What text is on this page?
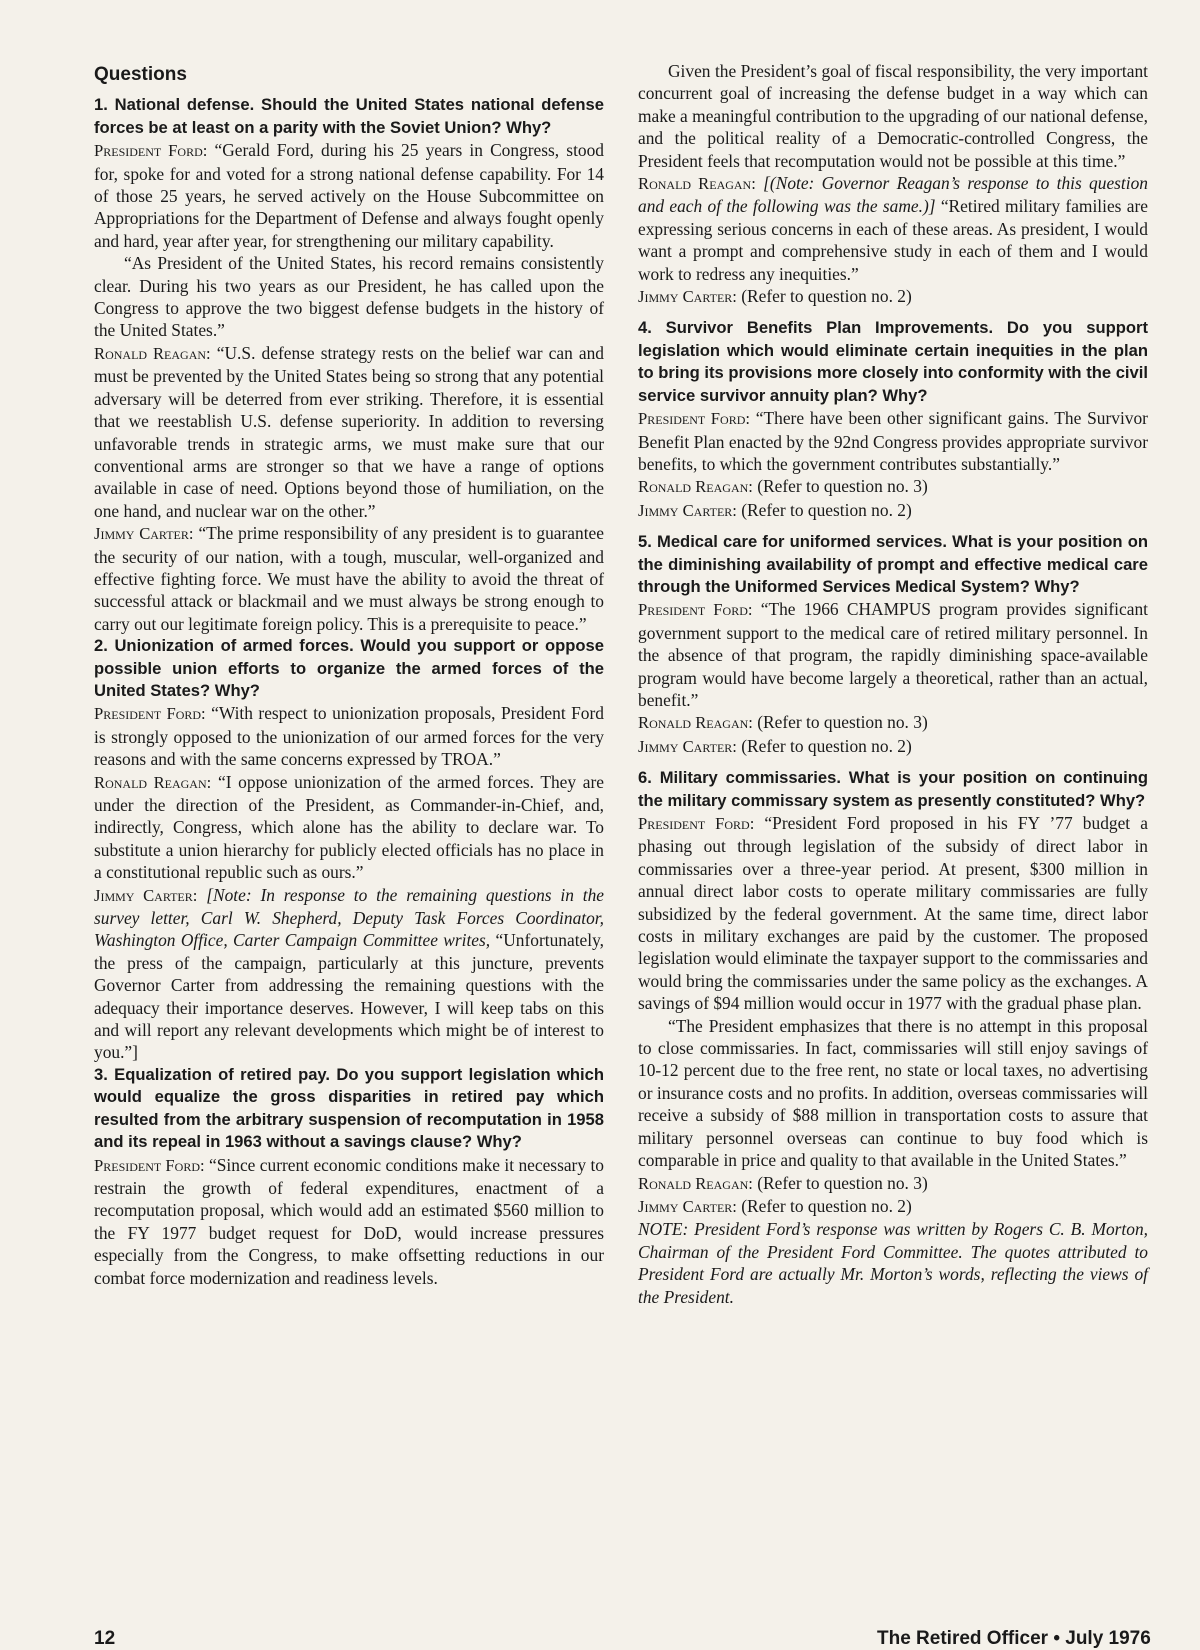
Questions

1. National defense. Should the United States national defense forces be at least on a parity with the Soviet Union? Why?

President Ford: “Gerald Ford, during his 25 years in Congress, stood for, spoke for and voted for a strong national defense capability. For 14 of those 25 years, he served actively on the House Subcommittee on Appropriations for the Department of Defense and always fought openly and hard, year after year, for strengthening our military capability.

“As President of the United States, his record remains consistently clear. During his two years as our President, he has called upon the Congress to approve the two biggest defense budgets in the history of the United States.”

Ronald Reagan: “U.S. defense strategy rests on the belief war can and must be prevented by the United States being so strong that any potential adversary will be deterred from ever striking. Therefore, it is essential that we reestablish U.S. defense superiority. In addition to reversing unfavorable trends in strategic arms, we must make sure that our conventional arms are stronger so that we have a range of options available in case of need. Options beyond those of humiliation, on the one hand, and nuclear war on the other.”

Jimmy Carter: “The prime responsibility of any president is to guarantee the security of our nation, with a tough, muscular, well-organized and effective fighting force. We must have the ability to avoid the threat of successful attack or blackmail and we must always be strong enough to carry out our legitimate foreign policy. This is a prerequisite to peace.”

2. Unionization of armed forces. Would you support or oppose possible union efforts to organize the armed forces of the United States? Why?

President Ford: “With respect to unionization proposals, President Ford is strongly opposed to the unionization of our armed forces for the very reasons and with the same concerns expressed by TROA.”

Ronald Reagan: “I oppose unionization of the armed forces. They are under the direction of the President, as Commander-in-Chief, and, indirectly, Congress, which alone has the ability to declare war. To substitute a union hierarchy for publicly elected officials has no place in a constitutional republic such as ours.”

Jimmy Carter: [Note: In response to the remaining questions in the survey letter, Carl W. Shepherd, Deputy Task Forces Coordinator, Washington Office, Carter Campaign Committee writes, “Unfortunately, the press of the campaign, particularly at this juncture, prevents Governor Carter from addressing the remaining questions with the adequacy their importance deserves. However, I will keep tabs on this and will report any relevant developments which might be of interest to you.”]

3. Equalization of retired pay. Do you support legislation which would equalize the gross disparities in retired pay which resulted from the arbitrary suspension of recomputation in 1958 and its repeal in 1963 without a savings clause? Why?

President Ford: “Since current economic conditions make it necessary to restrain the growth of federal expenditures, enactment of a recomputation proposal, which would add an estimated $560 million to the FY 1977 budget request for DoD, would increase pressures especially from the Congress, to make offsetting reductions in our combat force modernization and readiness levels.

Given the President’s goal of fiscal responsibility, the very important concurrent goal of increasing the defense budget in a way which can make a meaningful contribution to the upgrading of our national defense, and the political reality of a Democratic-controlled Congress, the President feels that recomputation would not be possible at this time.”

Ronald Reagan: [(Note: Governor Reagan’s response to this question and each of the following was the same.)] “Retired military families are expressing serious concerns in each of these areas. As president, I would want a prompt and comprehensive study in each of them and I would work to redress any inequities.”

Jimmy Carter: (Refer to question no. 2)

4. Survivor Benefits Plan Improvements. Do you support legislation which would eliminate certain inequities in the plan to bring its provisions more closely into conformity with the civil service survivor annuity plan? Why?

President Ford: “There have been other significant gains. The Survivor Benefit Plan enacted by the 92nd Congress provides appropriate survivor benefits, to which the government contributes substantially.”

Ronald Reagan: (Refer to question no. 3)

Jimmy Carter: (Refer to question no. 2)

5. Medical care for uniformed services. What is your position on the diminishing availability of prompt and effective medical care through the Uniformed Services Medical System? Why?

President Ford: “The 1966 CHAMPUS program provides significant government support to the medical care of retired military personnel. In the absence of that program, the rapidly diminishing space-available program would have become largely a theoretical, rather than an actual, benefit.”

Ronald Reagan: (Refer to question no. 3)

Jimmy Carter: (Refer to question no. 2)

6. Military commissaries. What is your position on continuing the military commissary system as presently constituted? Why?

President Ford: “President Ford proposed in his FY ’77 budget a phasing out through legislation of the subsidy of direct labor in commissaries over a three-year period. At present, $300 million in annual direct labor costs to operate military commissaries are fully subsidized by the federal government. At the same time, direct labor costs in military exchanges are paid by the customer. The proposed legislation would eliminate the taxpayer support to the commissaries and would bring the commissaries under the same policy as the exchanges. A savings of $94 million would occur in 1977 with the gradual phase plan.

“The President emphasizes that there is no attempt in this proposal to close commissaries. In fact, commissaries will still enjoy savings of 10-12 percent due to the free rent, no state or local taxes, no advertising or insurance costs and no profits. In addition, overseas commissaries will receive a subsidy of $88 million in transportation costs to assure that military personnel overseas can continue to buy food which is comparable in price and quality to that available in the United States.”

Ronald Reagan: (Refer to question no. 3)

Jimmy Carter: (Refer to question no. 2)

NOTE: President Ford’s response was written by Rogers C. B. Morton, Chairman of the President Ford Committee. The quotes attributed to President Ford are actually Mr. Morton’s words, reflecting the views of the President.

12	The Retired Officer • July 1976
